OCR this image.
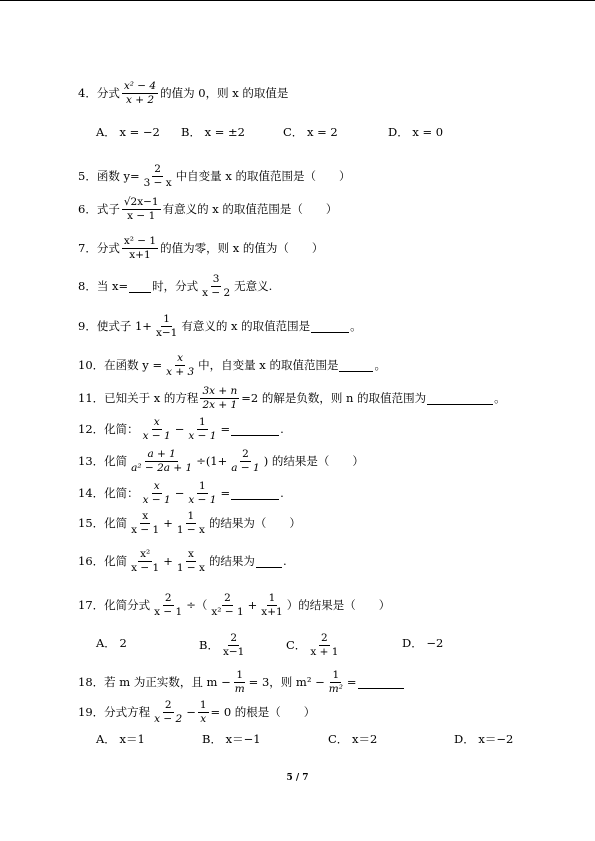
4．分式 $\frac{\text{x² − 4}}{x + 2}$ 的值为 0，则 x 的取值是
A． x = −2 B． x = ±2	C． x = 2	D． x = 0
5．函数 $y= \frac{2}{3 - x}$ 中自变量 x 的取值范围是（　　）
6．式子 $\frac{√2x-1}{x - 1}$ 有意义的 x 的取值范围是（　　）
7．分式 $\frac{\text{x² − 1}}{x+1}$ 的值为零，则 x 的值为（　　）
8．当 x= 时，分式 $\frac{3}{x - 2}$ 无意义.
9．使式子 $1+ \frac{1}{x-1}$ 有意义的 x 的取值范围是	。
10．在函数 $y = \frac{x}{x + 3}$ 中，自变量 x 的取值范围是	。
11．已知关于 x 的方程 $\frac{3x + n}{2x + 1} =2$ 的解是负数，则 n 的取值范围为	。
12．化简： $\frac{x}{x - 1} - \frac{1}{x - 1}$ =	.
13．化简 $\frac{a + 1}{\text{a² − 2a + 1}} \div(1+ \frac{2}{a - 1}$ ) 的结果是（　　）
14．化简： $\frac{x}{x - 1} - \frac{1}{x - 1}$ =	.
15．化简 $\frac{x}{x - 1} + \frac{1}{1 - x}$ 的结果为（　　）
16．化简 $\frac{\text{x²}}{x - 1} + \frac{x}{1 - x}$ 的结果为 .
17．化简分式 $\frac{2}{x - 1}$ ÷（ $\frac{2}{\text{x² − 1}} + \frac{1}{x+1}$ ）的结果是（　　）
A． 2	B． $\frac{2}{x-1}$	C． $\frac{2}{x + 1}$	D． −2
18．若 m 为正实数，且 $m - \frac{1}{m} = 3$，则 $m^2 - \frac{1}{\text{m²}}$ =
19．分式方程 $\frac{2}{x - 2} - \frac{1}{x} = 0$ 的根是（　　）
A． x＝1	B． x＝−1	C． x＝2	D． x＝−2
5 / 7
